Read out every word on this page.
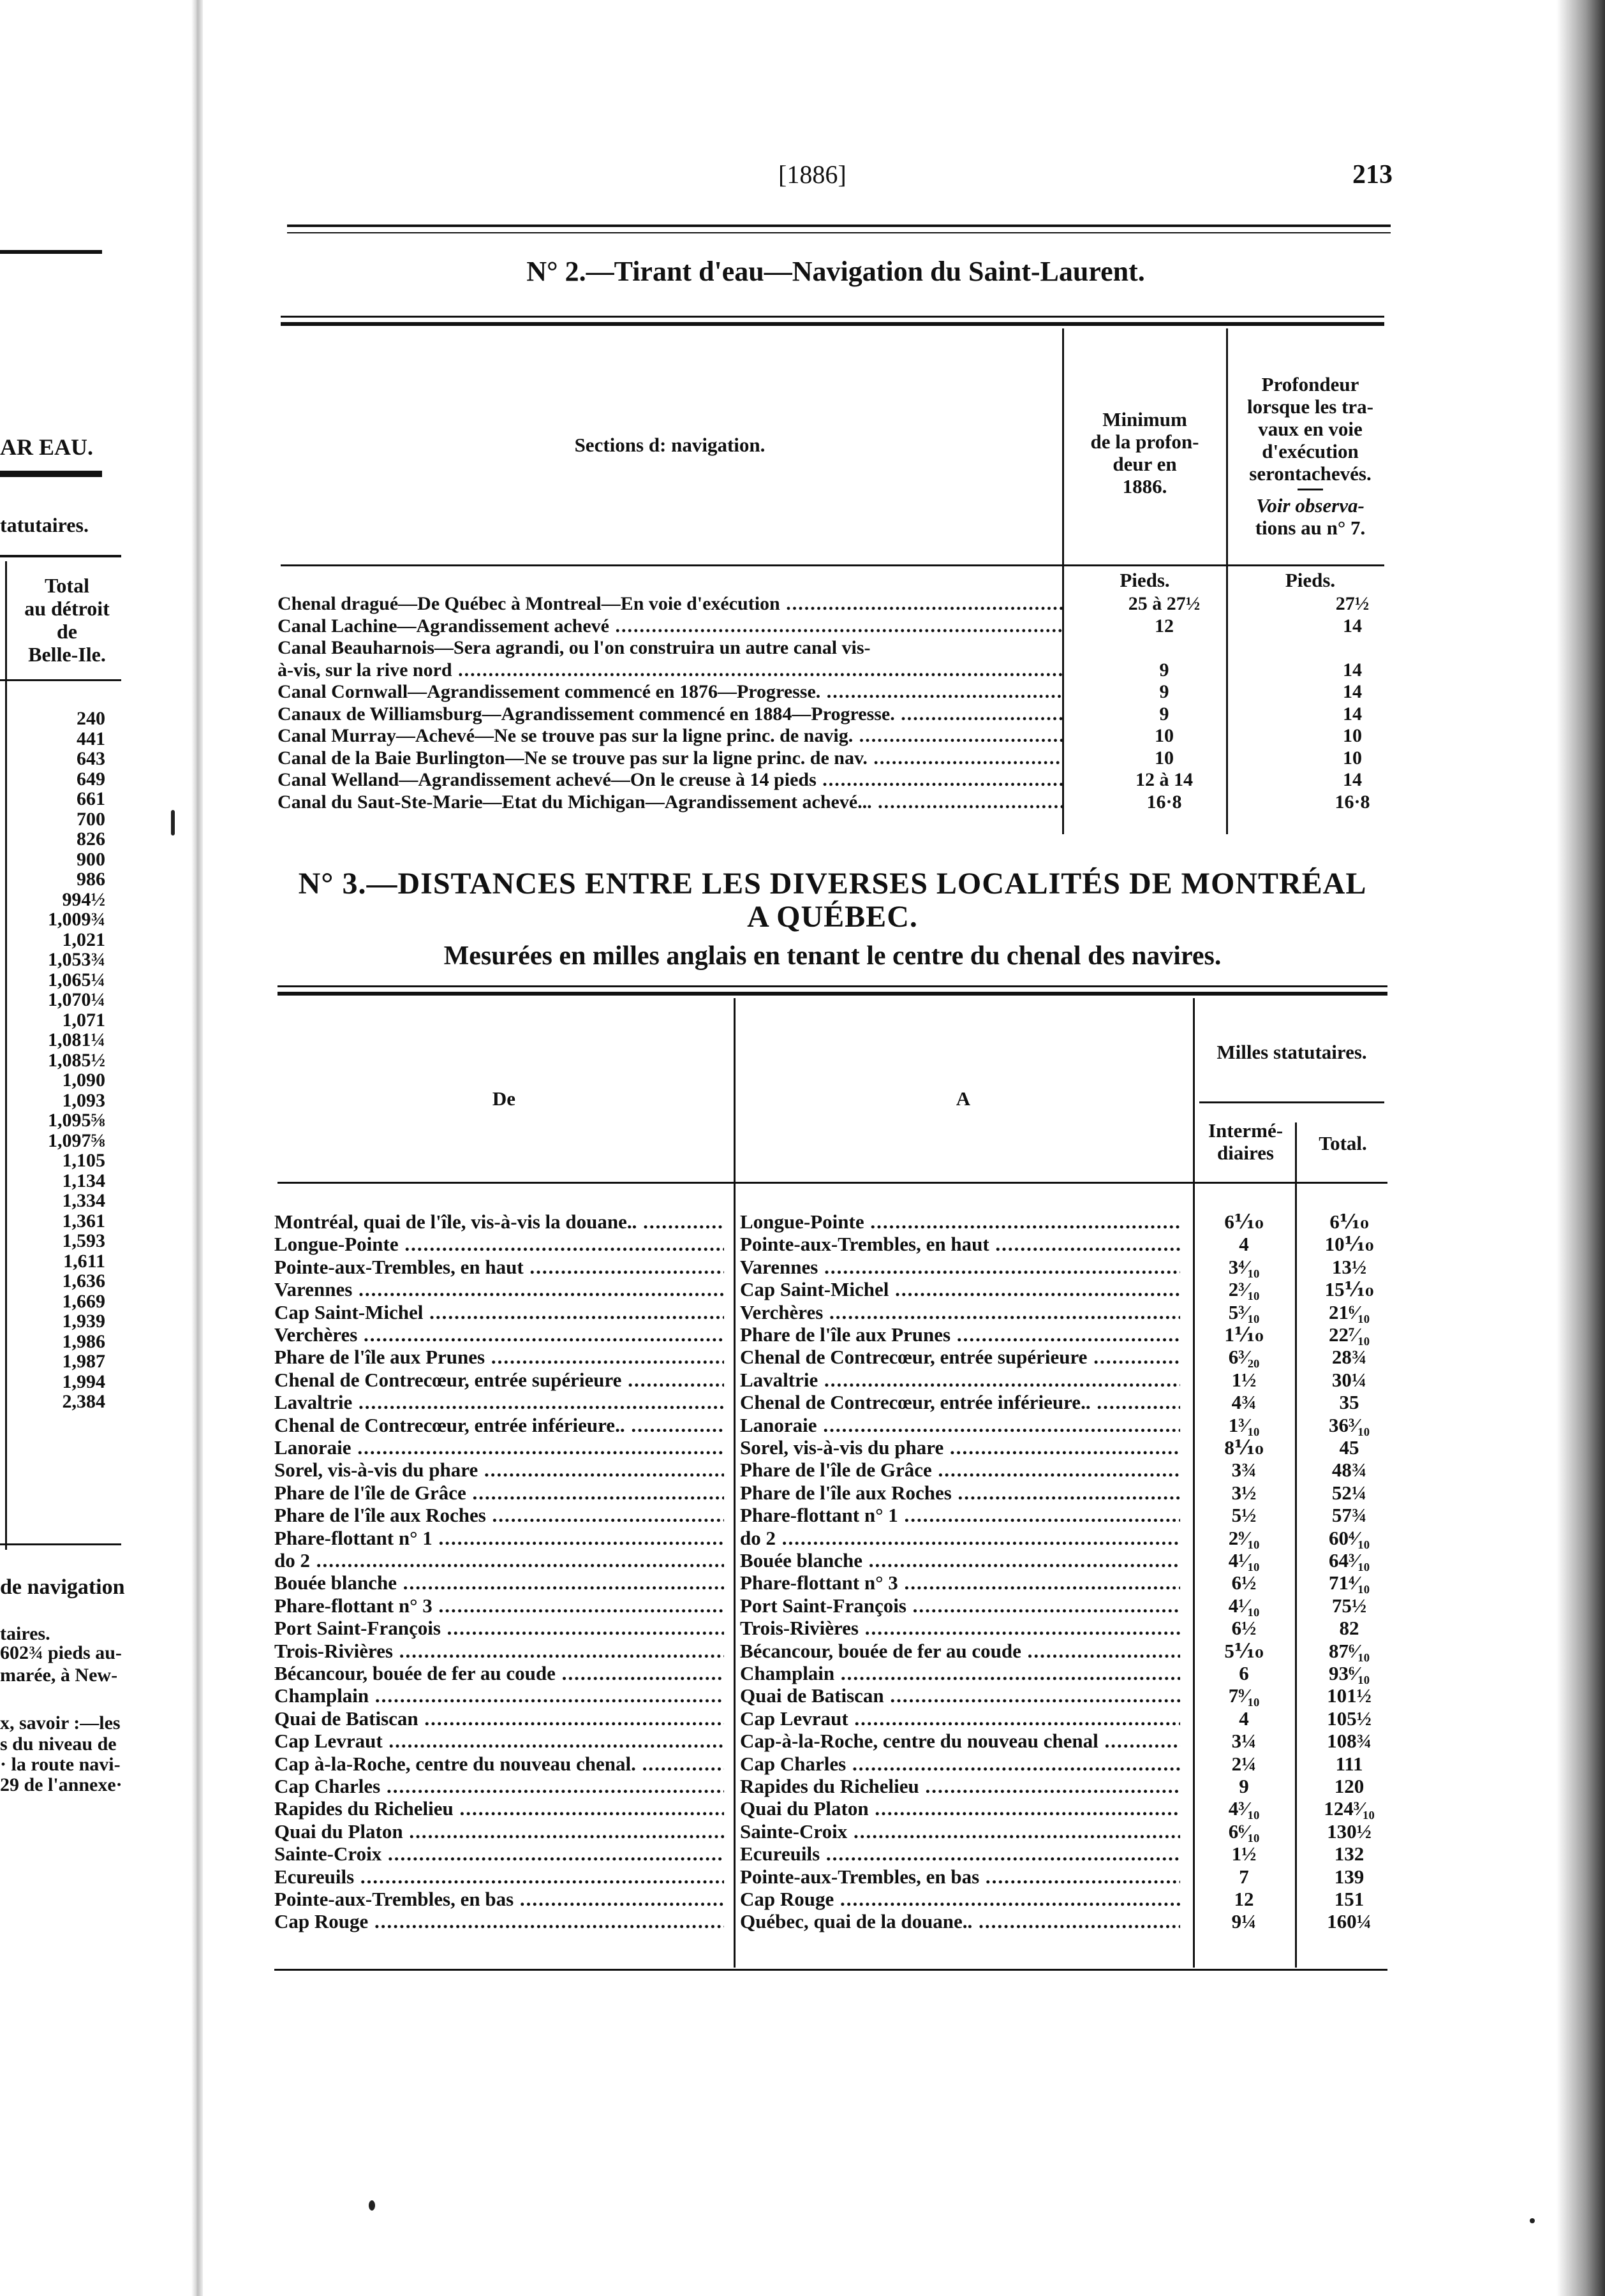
AR EAU.
tatutaires.
Total
au détroit
de
Belle-Ile.
240
441
643
649
661
700
826
900
986
994½
1,009¾
1,021
1,053¾
1,065¼
1,070¼
1,071
1,081¼
1,085½
1,090
1,093
1,095⅝
1,097⅝
1,105
1,134
1,334
1,361
1,593
1,611
1,636
1,669
1,939
1,986
1,987
1,994
2,384
de navigation
taires.
602¾ pieds au-
marée, à New-
x, savoir :—les
s du niveau de
· la route navi-
29 de l'annexe·
[1886]	213
N° 2.—Tirant d'eau—Navigation du Saint-Laurent.
Sections d: navigation.
Minimum
de la profon-
deur en
1886.
Profondeur
lorsque les tra-
vaux en voie
d'exécution
serontachevés.
Voir observa-
tions au n° 7.
Pieds.	Pieds.
Chenal dragué—De Québec à Montreal—En voie d'exécution .....	25 à 27½	27½
Canal Lachine—Agrandissement achevé .....	12	14
Canal Beauharnois—Sera agrandi, ou l'on construira un autre canal vis-
à-vis, sur la rive nord .....	9	14
Canal Cornwall—Agrandissement commencé en 1876—Progresse. .....	9	14
Canaux de Williamsburg—Agrandissement commencé en 1884—Progresse. .....	9	14
Canal Murray—Achevé—Ne se trouve pas sur la ligne princ. de navig. .....	10	10
Canal de la Baie Burlington—Ne se trouve pas sur la ligne princ. de nav. .....	10	10
Canal Welland—Agrandissement achevé—On le creuse à 14 pieds .....	12 à 14	14
Canal du Saut-Ste-Marie—Etat du Michigan—Agrandissement achevé... .....	16·8	16·8
N° 3.—DISTANCES ENTRE LES DIVERSES LOCALITÉS DE MONTRÉAL
A QUÉBEC.
Mesurées en milles anglais en tenant le centre du chenal des navires.
De	A
Milles statutaires.
Intermé-
diaires	Total.
Montréal, quai de l'île, vis-à-vis la douane.. .....	Longue-Pointe .....	6⅒	6⅒
Longue-Pointe .....	Pointe-aux-Trembles, en haut .....	4	10⅒
Pointe-aux-Trembles, en haut .....	Varennes .....	3⁴⁄₁₀	13½
Varennes .....	Cap Saint-Michel .....	2³⁄₁₀	15⅒
Cap Saint-Michel .....	Verchères .....	5³⁄₁₀	21⁶⁄₁₀
Verchères .....	Phare de l'île aux Prunes .....	1⅒	22⁷⁄₁₀
Phare de l'île aux Prunes .....	Chenal de Contrecœur, entrée supérieure .....	6³⁄₂₀	28¾
Chenal de Contrecœur, entrée supérieure .....	Lavaltrie .....	1½	30¼
Lavaltrie .....	Chenal de Contrecœur, entrée inférieure.. .....	4¾	35
Chenal de Contrecœur, entrée inférieure.. .....	Lanoraie .....	1³⁄₁₀	36³⁄₁₀
Lanoraie .....	Sorel, vis-à-vis du phare .....	8⅒	45
Sorel, vis-à-vis du phare .....	Phare de l'île de Grâce .....	3¾	48¾
Phare de l'île de Grâce .....	Phare de l'île aux Roches .....	3½	52¼
Phare de l'île aux Roches .....	Phare-flottant n° 1 .....	5½	57¾
Phare-flottant n° 1 .....	do 2 .....	2⁹⁄₁₀	60⁴⁄₁₀
do 2 .....	Bouée blanche .....	4¹⁄₁₀	64³⁄₁₀
Bouée blanche .....	Phare-flottant n° 3 .....	6½	71⁴⁄₁₀
Phare-flottant n° 3 .....	Port Saint-François .....	4¹⁄₁₀	75½
Port Saint-François .....	Trois-Rivières .....	6½	82
Trois-Rivières .....	Bécancour, bouée de fer au coude .....	5⅒	87⁶⁄₁₀
Bécancour, bouée de fer au coude .....	Champlain .....	6	93⁶⁄₁₀
Champlain .....	Quai de Batiscan .....	7⁹⁄₁₀	101½
Quai de Batiscan .....	Cap Levraut .....	4	105½
Cap Levraut .....	Cap-à-la-Roche, centre du nouveau chenal .....	3¼	108¾
Cap à-la-Roche, centre du nouveau chenal. .....	Cap Charles .....	2¼	111
Cap Charles .....	Rapides du Richelieu .....	9	120
Rapides du Richelieu .....	Quai du Platon .....	4³⁄₁₀	124³⁄₁₀
Quai du Platon .....	Sainte-Croix .....	6⁶⁄₁₀	130½
Sainte-Croix .....	Ecureuils .....	1½	132
Ecureuils .....	Pointe-aux-Trembles, en bas .....	7	139
Pointe-aux-Trembles, en bas .....	Cap Rouge .....	12	151
Cap Rouge .....	Québec, quai de la douane.. .....	9¼	160¼
